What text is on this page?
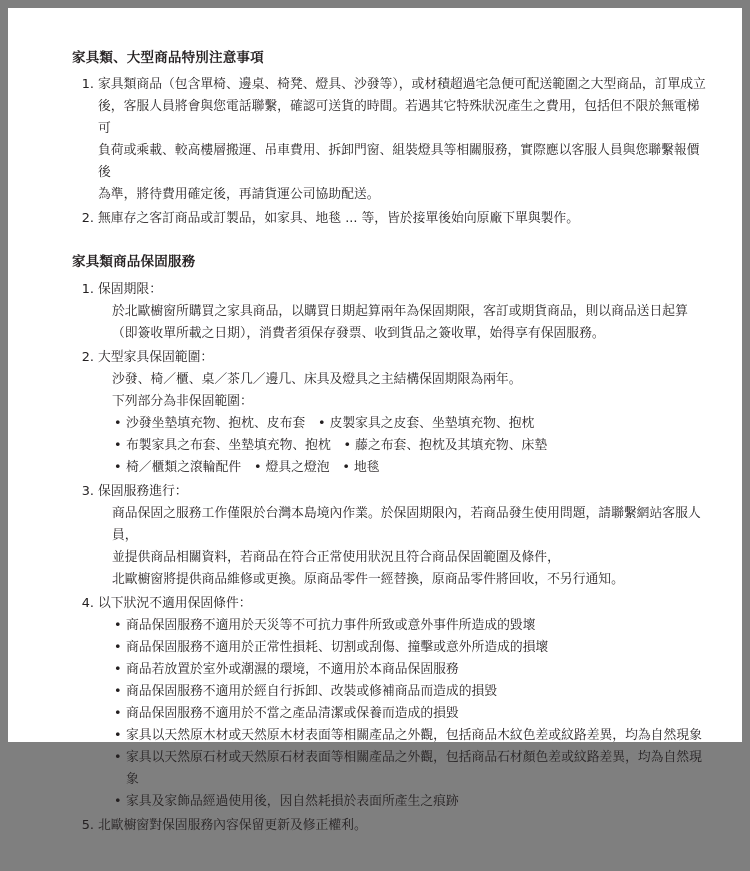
家具類、大型商品特別注意事項
1. 家具類商品（包含單椅、邊桌、椅凳、燈具、沙發等），或材積超過宅急便可配送範圍之大型商品，訂單成立

後，客服人員將會與您電話聯繫，確認可送貨的時間。若遇其它特殊狀況產生之費用，包括但不限於無電梯可

負荷或乘載、較高樓層搬運、吊車費用、拆卸門窗、組裝燈具等相關服務，實際應以客服人員與您聯繫報價後

為準，將待費用確定後，再請貨運公司協助配送。

2. 無庫存之客訂商品或訂製品，如家具、地毯 ... 等，皆於接單後始向原廠下單與製作。

家具類商品保固服務
1. 保固期限：

於北歐櫥窗所購買之家具商品，以購買日期起算兩年為保固期限，客訂或期貨商品，則以商品送日起算

（即簽收單所載之日期），消費者須保存發票、收到貨品之簽收單，始得享有保固服務。

2. 大型家具保固範圍：

沙發、椅／櫃、桌／茶几／邊几、床具及燈具之主結構保固期限為兩年。

下列部分為非保固範圍：

• 沙發坐墊填充物、抱枕、皮布套　• 皮製家具之皮套、坐墊填充物、抱枕
• 布製家具之布套、坐墊填充物、抱枕　• 藤之布套、抱枕及其填充物、床墊
• 椅／櫃類之滾輪配件　• 燈具之燈泡　• 地毯
3. 保固服務進行：

商品保固之服務工作僅限於台灣本島境內作業。於保固期限內，若商品發生使用問題，請聯繫網站客服人員，

並提供商品相關資料，若商品在符合正常使用狀況且符合商品保固範圍及條件，

北歐櫥窗將提供商品維修或更換。原商品零件一經替換，原商品零件將回收，不另行通知。

4. 以下狀況不適用保固條件：

• 商品保固服務不適用於天災等不可抗力事件所致或意外事件所造成的毀壞
• 商品保固服務不適用於正常性損耗、切割或刮傷、撞擊或意外所造成的損壞
• 商品若放置於室外或潮濕的環境，不適用於本商品保固服務
• 商品保固服務不適用於經自行拆卸、改裝或修補商品而造成的損毀
• 商品保固服務不適用於不當之產品清潔或保養而造成的損毀
• 家具以天然原木材或天然原木材表面等相關產品之外觀，包括商品木紋色差或紋路差異，均為自然現象
• 家具以天然原石材或天然原石材表面等相關產品之外觀，包括商品石材顏色差或紋路差異，均為自然現象
• 家具及家飾品經過使用後，因自然耗損於表面所產生之痕跡
5. 北歐櫥窗對保固服務內容保留更新及修正權利。
